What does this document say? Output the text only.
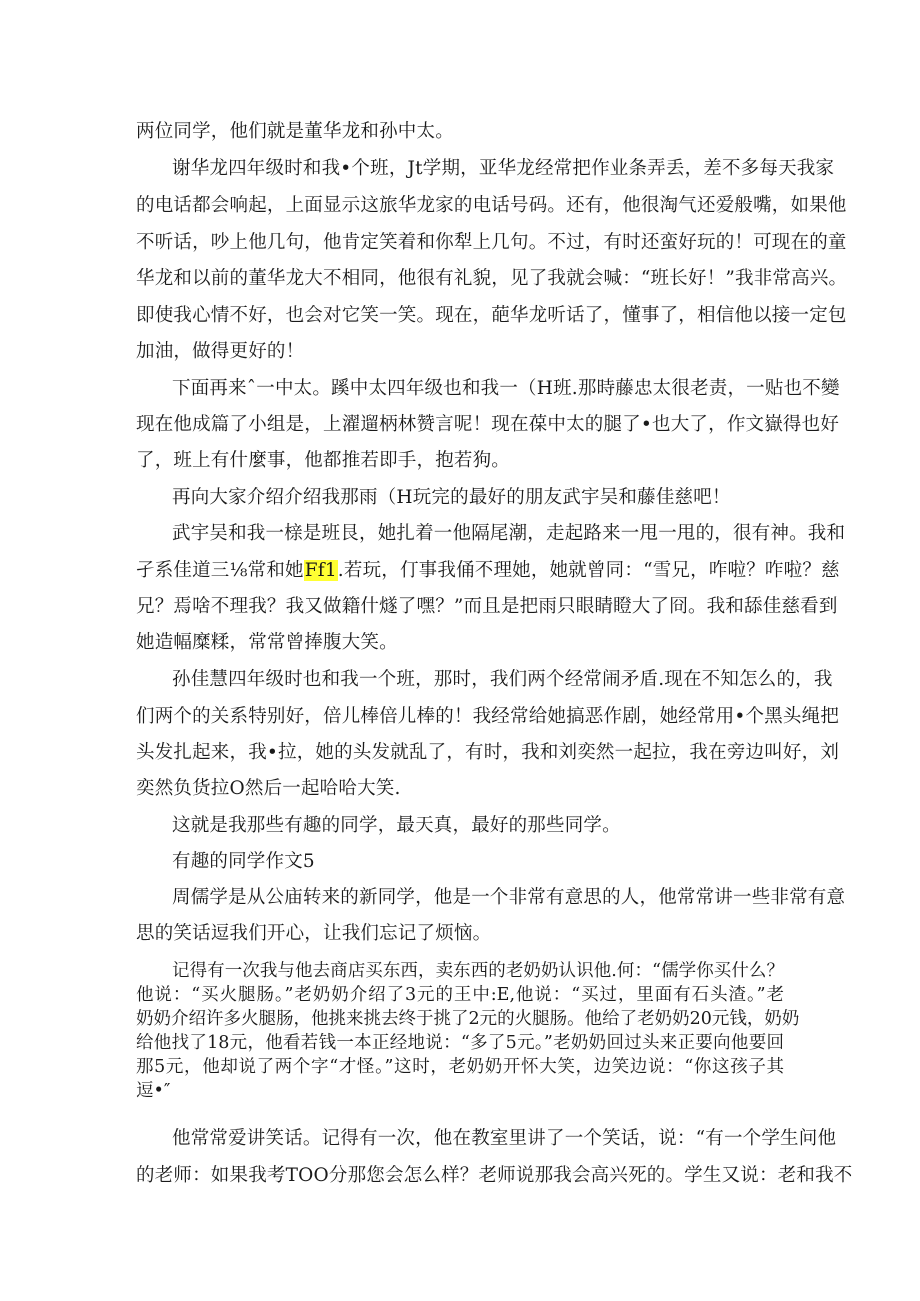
两位同学，他们就是董华龙和孙中太。
谢华龙四年级时和我•个班，Jt学期，亚华龙经常把作业条弄丢，差不多每天我家
的电话都会响起，上面显示这旅华龙家的电话号码。还有，他很淘气还爱般嘴，如果他
不听话，吵上他几句，他肯定笑着和你犁上几句。不过，有时还蛮好玩的！可现在的童
华龙和以前的董华龙大不相同，他很有礼貌，见了我就会喊：“班长好！”我非常高兴。
即使我心情不好，也会对它笑一笑。现在，葩华龙听话了，懂事了，相信他以接一定包
加油，做得更好的！
下面再来ˆ一中太。蹊中太四年级也和我一（H班.那時藤忠太很老责，一贴也不變
现在他成篇了小组是，上濯遛柄林赞言呢！现在葆中太的腿了•也大了，作文嶽得也好
了，班上有什麼事，他都推若即手，抱若狗。
再向大家介绍介绍我那雨（H玩完的最好的朋友武宇吴和藤佳慈吧！
武宇吴和我一榇是班艮，她扎着一他隔尾潮，走起路来一甩一甩的，很有神。我和
孑系佳道三⅛常和她Ff1.若玩，仃事我俑不理她，她就曾同：“雪兄，咋啦？咋啦？慈
兄？焉啥不理我？我又做籍什燧了嘿？”而且是把雨只眼睛瞪大了冏。我和舔佳慈看到
她造幅糜糅，常常曾捧腹大笑。
孙佳慧四年级时也和我一个班，那时，我们两个经常闹矛盾.现在不知怎么的，我
们两个的关系特别好，倍儿棒倍儿棒的！我经常给她搞恶作剧，她经常用•个黑头绳把
头发扎起来，我•拉，她的头发就乱了，有时，我和刘奕然一起拉，我在旁边叫好，刘
奕然负货拉O然后一起哈哈大笑.
这就是我那些有趣的同学，最天真，最好的那些同学。
有趣的同学作文5
周儒学是从公庙转来的新同学，他是一个非常有意思的人，他常常讲一些非常有意
思的笑话逗我们开心，让我们忘记了烦恼。
记得有一次我与他去商店买东西，卖东西的老奶奶认识他.何：“儒学你买什么？
他说：“买火腿肠。”老奶奶介绍了3元的王中:E,他说：“买过，里面有石头渣。”老
奶奶介绍许多火腿肠，他挑来挑去终于挑了2元的火腿肠。他给了老奶奶20元钱，奶奶
给他找了18元，他看若钱一本正经地说：“多了5元。”老奶奶回过头来正要向他要回
那5元，他却说了两个字“才怪。”这时，老奶奶开怀大笑，边笑边说：“你这孩子其
逗•″
他常常爱讲笑话。记得有一次，他在教室里讲了一个笑话，说：“有一个学生问他
的老师：如果我考TOO分那您会怎么样？老师说那我会高兴死的。学生又说：老和我不
